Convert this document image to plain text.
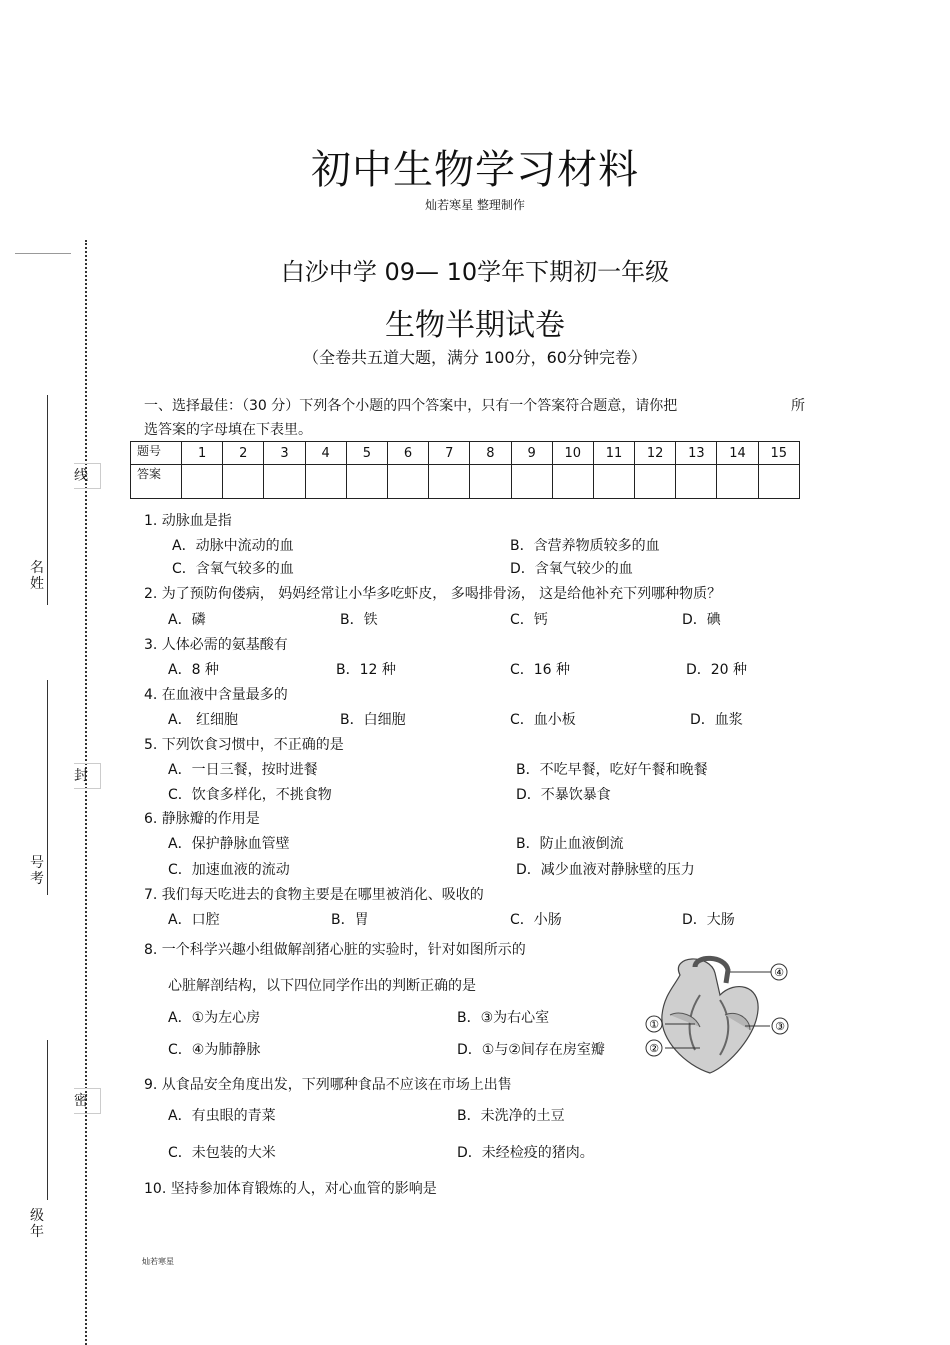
线
封
密
名姓
号考
级年
初中生物学习材料
灿若寒星 整理制作
白沙中学 09— 10学年下期初一年级
生物半期试卷
（全卷共五道大题，满分 100分，60分钟完卷）
一、选择最佳：（30 分）下列各个小题的四个答案中，只有一个答案符合题意，请你把	所
选答案的字母填在下表里。
题号	1	2	3	4	5	6	7	8	9	10	11	12	13	14	15
答案															
1. 动脉血是指
A．动脉中流动的血	B．含营养物质较多的血
C．含氧气较多的血	D．含氧气较少的血
2. 为了预防佝偻病， 妈妈经常让小华多吃虾皮， 多喝排骨汤， 这是给他补充下列哪种物质？
A．磷	B．铁	C．钙	D．碘
3. 人体必需的氨基酸有
A．8 种	B．12 种	C．16 种	D．20 种
4. 在血液中含量最多的
A． 红细胞	B．白细胞	C．血小板	D．血浆
5. 下列饮食习惯中，不正确的是
A．一日三餐，按时进餐	B．不吃早餐，吃好午餐和晚餐
C．饮食多样化，不挑食物	D．不暴饮暴食
6. 静脉瓣的作用是
A．保护静脉血管壁	B．防止血液倒流
C．加速血液的流动	D．减少血液对静脉壁的压力
7. 我们每天吃进去的食物主要是在哪里被消化、吸收的
A．口腔	B．胃	C．小肠	D．大肠
8. 一个科学兴趣小组做解剖猪心脏的实验时，针对如图所示的
心脏解剖结构，以下四位同学作出的判断正确的是
A．①为左心房	B．③为右心室
C．④为肺静脉	D．①与②间存在房室瓣
①
②
③
④
9. 从食品安全角度出发，下列哪种食品不应该在市场上出售
A．有虫眼的青菜	B．未洗净的土豆
C．未包装的大米	D．未经检疫的猪肉。
10. 坚持参加体育锻炼的人，对心血管的影响是
灿若寒星
